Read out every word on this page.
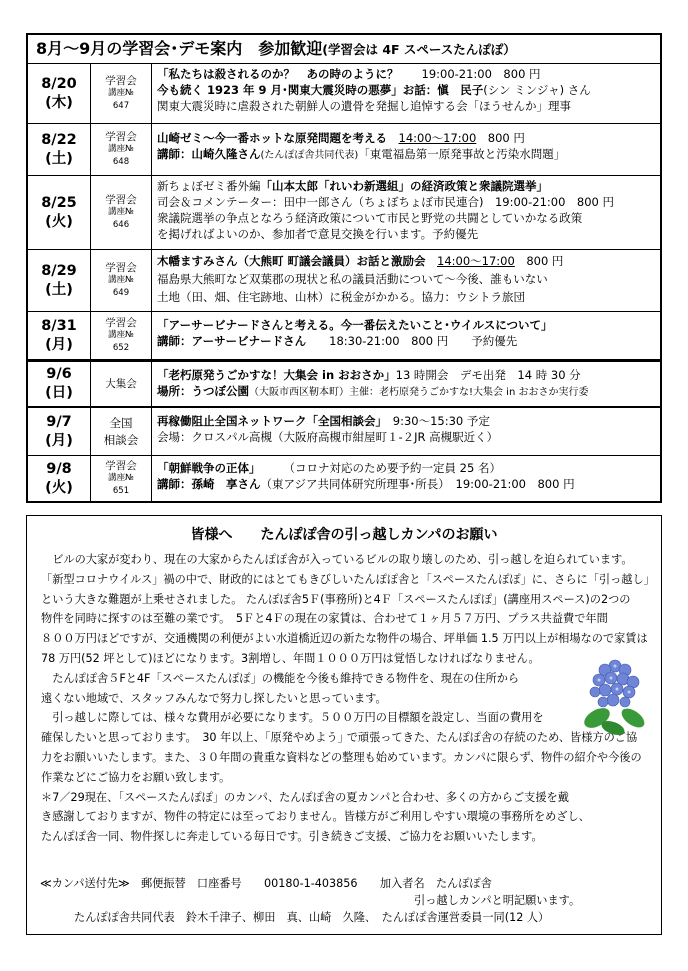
8月～9月の学習会･デモ案内　参加歓迎(学習会は 4F スペースたんぽぽ）
8/20
(木)
学習会
講座№
647
「私たちは殺されるのか？　あの時のように？　　19:00-21:00　800 円
今も続く 1923 年 9 月･関東大震災時の悪夢」お話：愼　民子(シン ミンジャ) さん
関東大震災時に虐殺された朝鮮人の遺骨を発掘し追悼する会「ほうせんか」理事
8/22
(土)
学習会
講座№
648
山崎ゼミ～今一番ホットな原発問題を考える　 14:00～17:00　 800 円
講師：山崎久隆さん(たんぽぽ舎共同代表)「東電福島第一原発事故と汚染水問題」
8/25
(火)
学習会
講座№
646
新ちょぼゼミ番外編「山本太郎「れいわ新選組」の経済政策と衆議院選挙」
司会＆コメンテーター：田中一郎さん（ちょぼちょぼ市民連合)　19:00-21:00　800 円
衆議院選挙の争点となろう経済政策について市民と野党の共闘としていかなる政策
を掲げればよいのか、参加者で意見交換を行います。予約優先
8/29
(土)
学習会
講座№
649
木幡ますみさん（大熊町 町議会議員）お話と激励会　 14:00～17:00　 800 円
福島県大熊町など双葉郡の現状と私の議員活動について～今後、誰もいない
土地（田、畑、住宅跡地、山林）に税金がかかる。協力：ウシトラ旅団
8/31
(月)
学習会
講座№
652
「アーサービナードさんと考える。今一番伝えたいこと･ウイルスについて」
講師：アーサービナードさん　　18:30-21:00　800 円　　予約優先
9/6
(日)
大集会
「老朽原発うごかすな！大集会 in おおさか」13 時開会　デモ出発　14 時 30 分
場所：うつぼ公園（大阪市西区靭本町）主催：老朽原発うごかすな!大集会 in おおさか実行委
9/7
(月)
全国
相談会
再稼働阻止全国ネットワーク「全国相談会」　9:30～15:30 予定
会場：クロスパル高槻（大阪府高槻市紺屋町１-２JR 高槻駅近く）
9/8
(火)
学習会
講座№
651
「朝鮮戦争の正体」　　　（コロナ対応のため要予約一定員 25 名）
講師：孫崎　享さん（東アジア共同体研究所理事･所長）　19:00-21:00　800 円
皆様へ　　たんぽぽ舎の引っ越しカンパのお願い

　ビルの大家が変わり、現在の大家からたんぽぽ舎が入っているビルの取り壊しのため、引っ越しを迫られています。

「新型コロナウイルス」禍の中で、財政的にはとてもきびしいたんぽぽ舎と「スペースたんぽぽ」に、さらに「引っ越し」

という大きな難題が上乗せされました。 たんぽぽ舎5Ｆ(事務所)と4Ｆ「スペースたんぽぽ」(講座用スペース)の2つの

物件を同時に探すのは至難の業です。　5Ｆと4Ｆの現在の家賃は、合わせて１ヶ月５７万円、プラス共益費で年間

８００万円ほどですが、交通機関の利便がよい水道橋近辺の新たな物件の場合、坪単価 1.5 万円以上が相場なので家賃は

78 万円(52 坪として)ほどになります。3割増し、年間１０００万円は覚悟しなければなりません。

　たんぽぽ舎５Fと4F「スペースたんぽぽ」の機能を今後も維持できる物件を、現在の住所から

遠くない地域で、スタッフみんなで努力し探したいと思っています。

　引っ越しに際しては、様々な費用が必要になります。５００万円の目標額を設定し、当面の費用を

確保したいと思っております。　30 年以上、｢原発やめよう｣ で頑張ってきた、たんぽぽ舎の存続のため、皆様方のご協

力をお願いいたします。また、３０年間の貴重な資料などの整理も始めています。カンパに限らず、物件の紹介や今後の

作業などにご協力をお願い致します。

＊7／29現在、「スペースたんぽぽ」のカンパ、たんぽぽ舎の夏カンパと合わせ、多くの方からご支援を戴

き感謝しておりますが、物件の特定には至っておりません。皆様方がご利用しやすい環境の事務所をめざし、

たんぽぽ舎一同、物件探しに奔走している毎日です。引き続きご支援、ご協力をお願いいたします。

≪カンパ送付先≫　郵便振替　口座番号　　00180-1-403856　　加入者名　たんぽぽ舎
引っ越しカンパと明記願います。
たんぽぽ舎共同代表　鈴木千津子、柳田　真、山崎　久隆、　たんぽぽ舎運営委員一同(12 人）
